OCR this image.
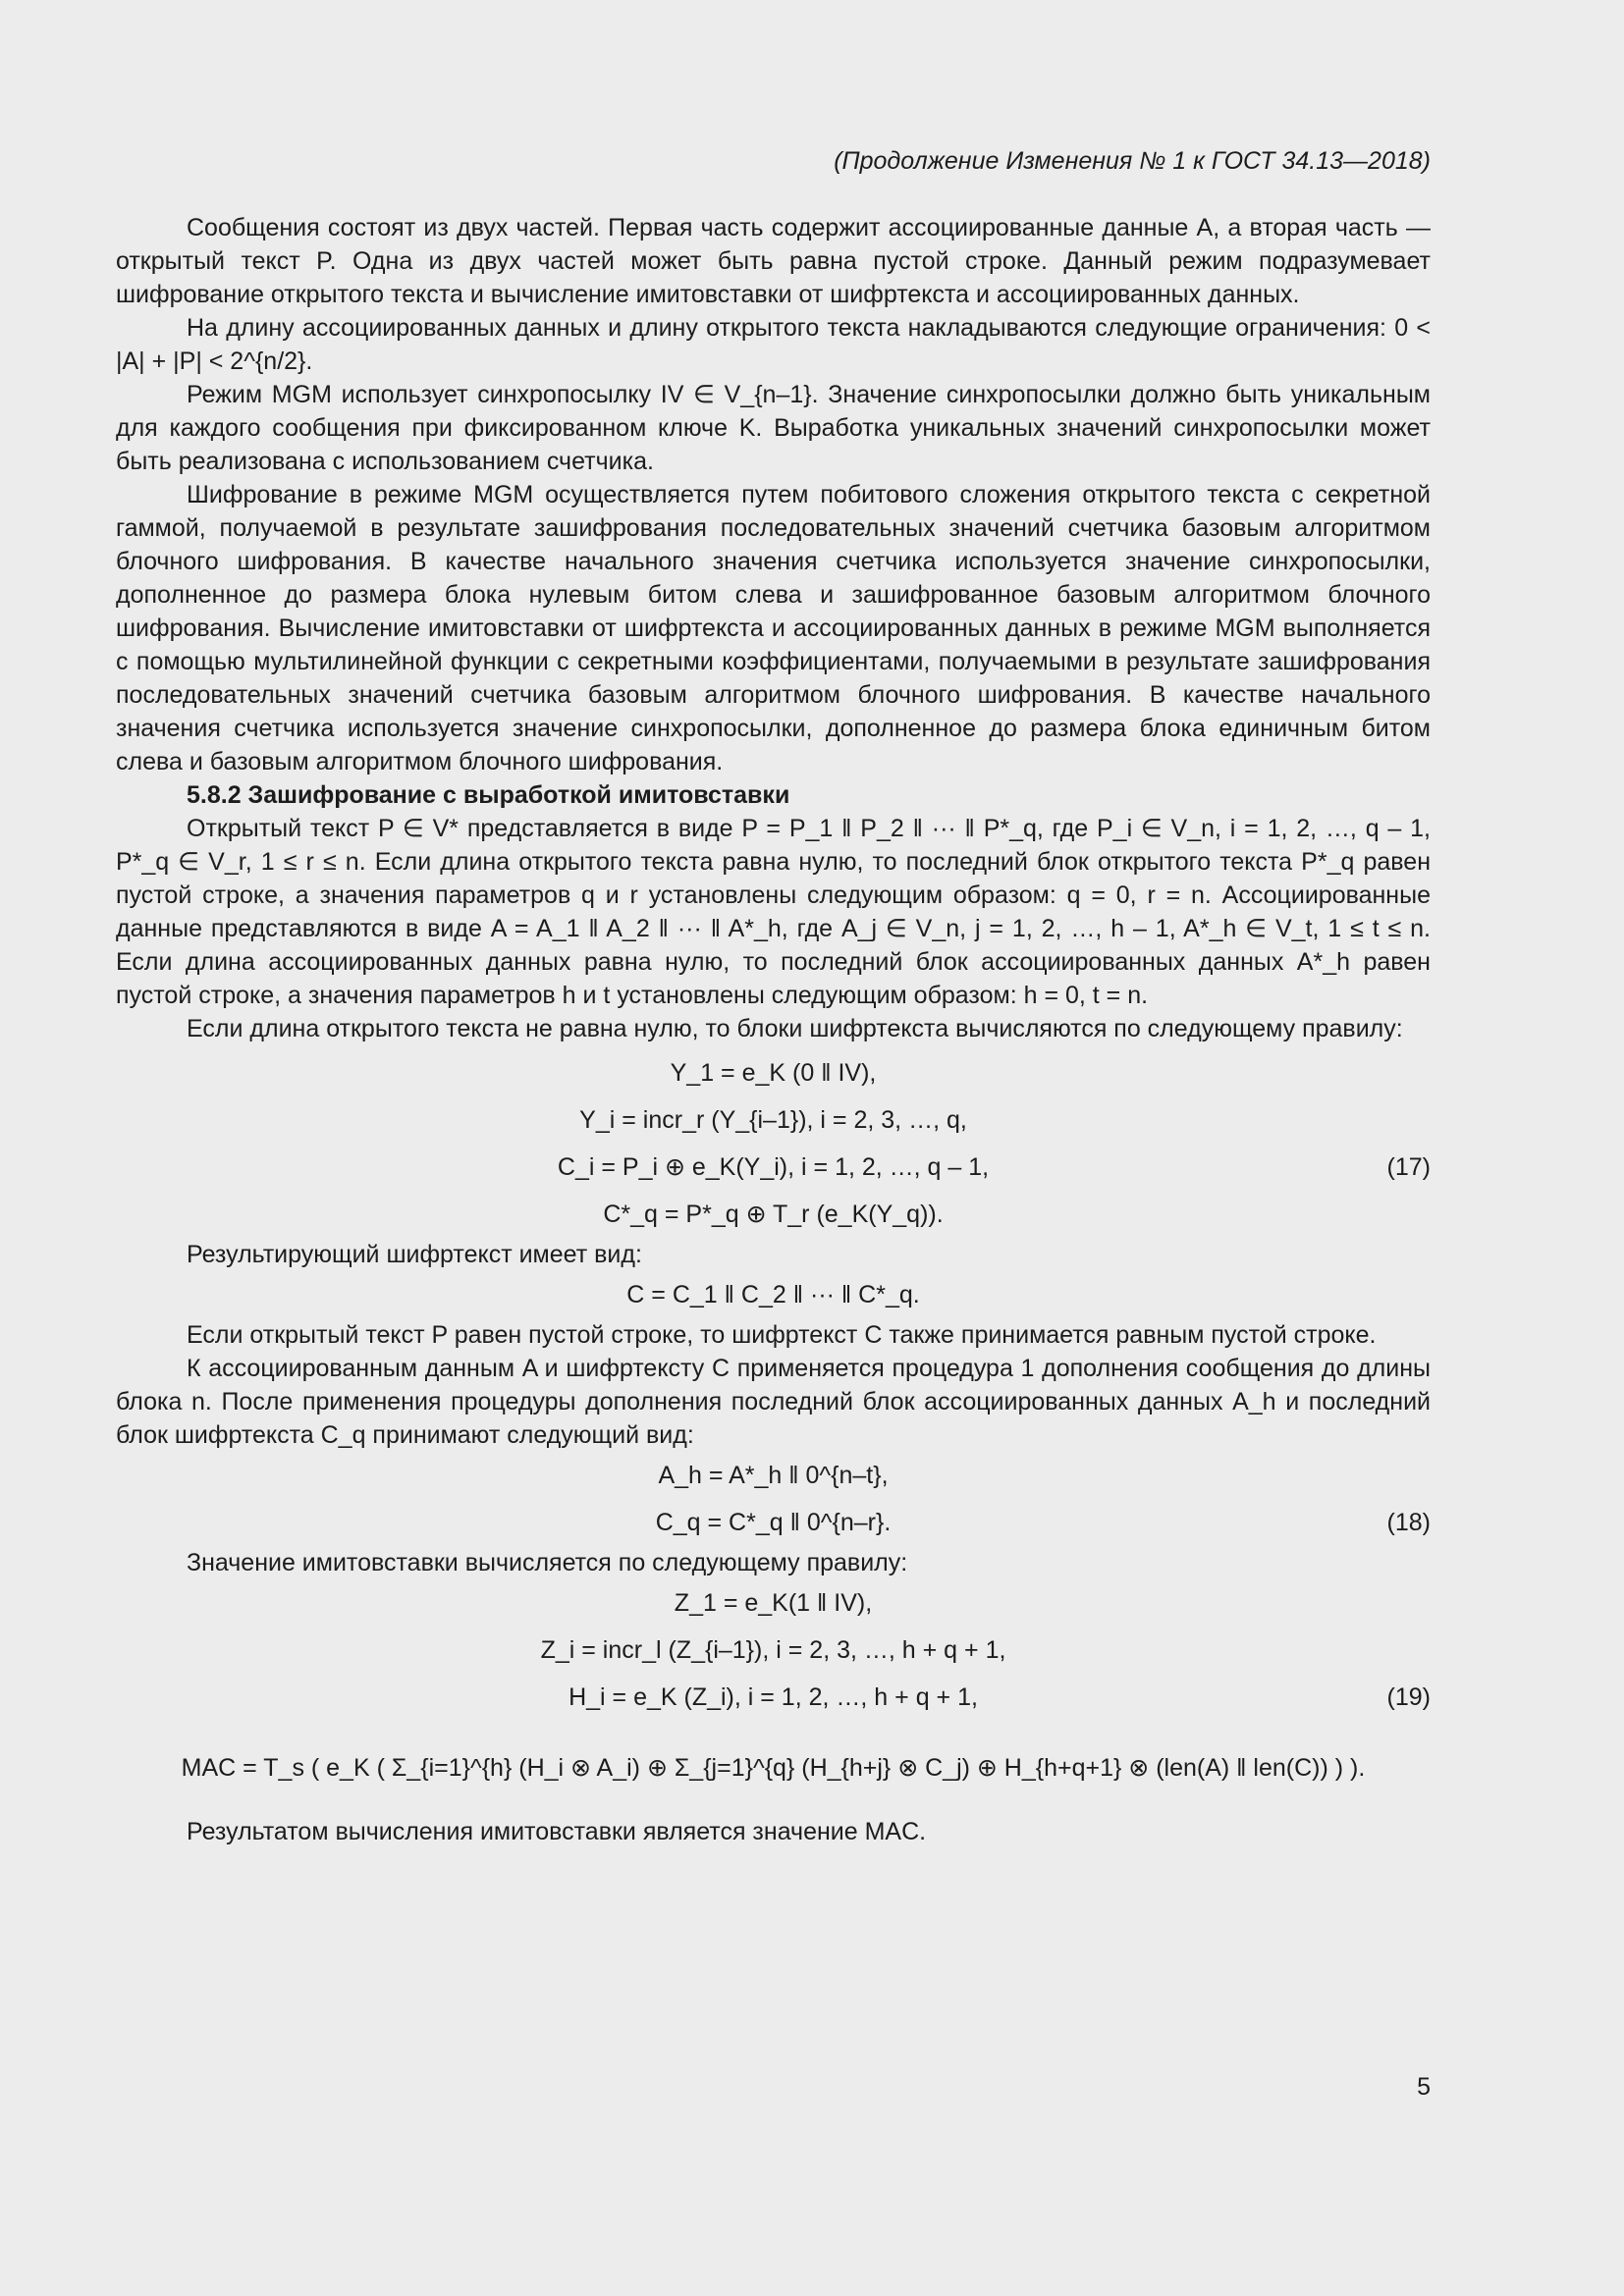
(Продолжение Изменения № 1 к ГОСТ 34.13—2018)

Сообщения состоят из двух частей. Первая часть содержит ассоциированные данные A, а вторая часть — открытый текст P. Одна из двух частей может быть равна пустой строке. Данный режим подразумевает шифрование открытого текста и вычисление имитовставки от шифртекста и ассоциированных данных.

На длину ассоциированных данных и длину открытого текста накладываются следующие ограничения: 0 < |A| + |P| < 2^{n/2}.

Режим MGM использует синхропосылку IV ∈ V_{n–1}. Значение синхропосылки должно быть уникальным для каждого сообщения при фиксированном ключе K. Выработка уникальных значений синхропосылки может быть реализована с использованием счетчика.

Шифрование в режиме MGM осуществляется путем побитового сложения открытого текста с секретной гаммой, получаемой в результате зашифрования последовательных значений счетчика базовым алгоритмом блочного шифрования. В качестве начального значения счетчика используется значение синхропосылки, дополненное до размера блока нулевым битом слева и зашифрованное базовым алгоритмом блочного шифрования. Вычисление имитовставки от шифртекста и ассоциированных данных в режиме MGM выполняется с помощью мультилинейной функции с секретными коэффициентами, получаемыми в результате зашифрования последовательных значений счетчика базовым алгоритмом блочного шифрования. В качестве начального значения счетчика используется значение синхропосылки, дополненное до размера блока единичным битом слева и базовым алгоритмом блочного шифрования.

5.8.2 Зашифрование с выработкой имитовставки

Открытый текст P ∈ V* представляется в виде P = P_1 ‖ P_2 ‖ ··· ‖ P*_q, где P_i ∈ V_n, i = 1, 2, …, q – 1, P*_q ∈ V_r, 1 ≤ r ≤ n. Если длина открытого текста равна нулю, то последний блок открытого текста P*_q равен пустой строке, а значения параметров q и r установлены следующим образом: q = 0, r = n. Ассоциированные данные представляются в виде A = A_1 ‖ A_2 ‖ ··· ‖ A*_h, где A_j ∈ V_n, j = 1, 2, …, h – 1, A*_h ∈ V_t, 1 ≤ t ≤ n. Если длина ассоциированных данных равна нулю, то последний блок ассоциированных данных A*_h равен пустой строке, а значения параметров h и t установлены следующим образом: h = 0, t = n.

Если длина открытого текста не равна нулю, то блоки шифртекста вычисляются по следующему правилу:

Y_1 = e_K (0 ‖ IV),
Y_i = incr_r (Y_{i–1}), i = 2, 3, …, q,
C_i = P_i ⊕ e_K(Y_i), i = 1, 2, …, q – 1,	(17)
C*_q = P*_q ⊕ T_r (e_K(Y_q)).

Результирующий шифртекст имеет вид:

C = C_1 ‖ C_2 ‖ ··· ‖ C*_q.

Если открытый текст P равен пустой строке, то шифртекст C также принимается равным пустой строке.

К ассоциированным данным A и шифртексту C применяется процедура 1 дополнения сообщения до длины блока n. После применения процедуры дополнения последний блок ассоциированных данных A_h и последний блок шифртекста C_q принимают следующий вид:

A_h = A*_h ‖ 0^{n–t},
C_q = C*_q ‖ 0^{n–r}.	(18)

Значение имитовставки вычисляется по следующему правилу:

Z_1 = e_K(1 ‖ IV),
Z_i = incr_l (Z_{i–1}), i = 2, 3, …, h + q + 1,
H_i = e_K (Z_i), i = 1, 2, …, h + q + 1,	(19)
MAC = T_s ( e_K ( Σ_{i=1}^{h} (H_i ⊗ A_i) ⊕ Σ_{j=1}^{q} (H_{h+j} ⊗ C_j) ⊕ H_{h+q+1} ⊗ (len(A) ‖ len(C)) ) ).

Результатом вычисления имитовставки является значение MAC.

5
